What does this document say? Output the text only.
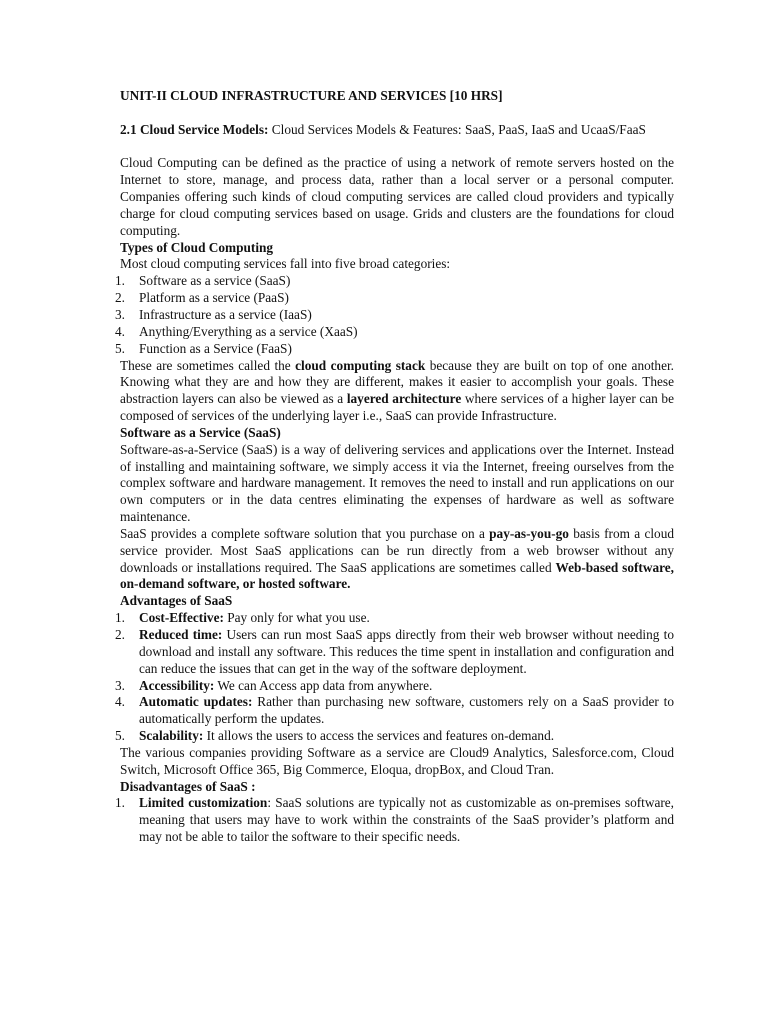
UNIT-II CLOUD INFRASTRUCTURE AND SERVICES [10 HRS]

2.1 Cloud Service Models: Cloud Services Models & Features: SaaS, PaaS, IaaS and UcaaS/FaaS

Cloud Computing can be defined as the practice of using a network of remote servers hosted on the Internet to store, manage, and process data, rather than a local server or a personal computer. Companies offering such kinds of cloud computing services are called cloud providers and typically charge for cloud computing services based on usage. Grids and clusters are the foundations for cloud computing.

Types of Cloud Computing

Most cloud computing services fall into five broad categories:

1. Software as a service (SaaS)
2. Platform as a service (PaaS)
3. Infrastructure as a service (IaaS)
4. Anything/Everything as a service (XaaS)
5. Function as a Service (FaaS)

These are sometimes called the cloud computing stack because they are built on top of one another. Knowing what they are and how they are different, makes it easier to accomplish your goals. These abstraction layers can also be viewed as a layered architecture where services of a higher layer can be composed of services of the underlying layer i.e., SaaS can provide Infrastructure.

Software as a Service (SaaS)

Software-as-a-Service (SaaS) is a way of delivering services and applications over the Internet. Instead of installing and maintaining software, we simply access it via the Internet, freeing ourselves from the complex software and hardware management. It removes the need to install and run applications on our own computers or in the data centres eliminating the expenses of hardware as well as software maintenance.

SaaS provides a complete software solution that you purchase on a pay-as-you-go basis from a cloud service provider. Most SaaS applications can be run directly from a web browser without any downloads or installations required. The SaaS applications are sometimes called Web-based software, on-demand software, or hosted software.

Advantages of SaaS

1. Cost-Effective: Pay only for what you use.
2. Reduced time: Users can run most SaaS apps directly from their web browser without needing to download and install any software. This reduces the time spent in installation and configuration and can reduce the issues that can get in the way of the software deployment.
3. Accessibility: We can Access app data from anywhere.
4. Automatic updates: Rather than purchasing new software, customers rely on a SaaS provider to automatically perform the updates.
5. Scalability: It allows the users to access the services and features on-demand.

The various companies providing Software as a service are Cloud9 Analytics, Salesforce.com, Cloud Switch, Microsoft Office 365, Big Commerce, Eloqua, dropBox, and Cloud Tran.

Disadvantages of SaaS :

1. Limited customization: SaaS solutions are typically not as customizable as on-premises software, meaning that users may have to work within the constraints of the SaaS provider’s platform and may not be able to tailor the software to their specific needs.
